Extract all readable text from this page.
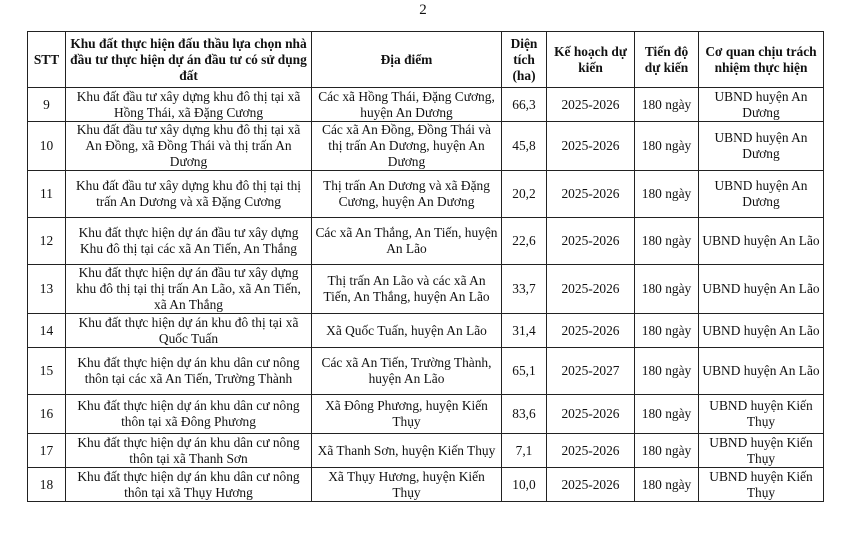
2
STT	Khu đất thực hiện đấu thầu lựa chọn nhà đầu tư thực hiện dự án đầu tư có sử dụng đất	Địa điểm	Diện tích (ha)	Kế hoạch dự kiến	Tiến độ dự kiến	Cơ quan chịu trách nhiệm thực hiện
9	Khu đất đầu tư xây dựng khu đô thị tại xã Hồng Thái, xã Đặng Cương	Các xã Hồng Thái, Đặng Cương, huyện An Dương	66,3	2025-2026	180 ngày	UBND huyện An Dương
10	Khu đất đầu tư xây dựng khu đô thị tại xã An Đồng, xã Đồng Thái và thị trấn An Dương	Các xã An Đồng, Đồng Thái và thị trấn An Dương, huyện An Dương	45,8	2025-2026	180 ngày	UBND huyện An Dương
11	Khu đất đầu tư xây dựng khu đô thị tại thị trấn An Dương và xã Đặng Cương	Thị trấn An Dương và xã Đặng Cương, huyện An Dương	20,2	2025-2026	180 ngày	UBND huyện An Dương
12	Khu đất thực hiện dự án đầu tư xây dựng Khu đô thị tại các xã An Tiến, An Thắng	Các xã An Thắng, An Tiến, huyện An Lão	22,6	2025-2026	180 ngày	UBND huyện An Lão
13	Khu đất thực hiện dự án đầu tư xây dựng khu đô thị tại thị trấn An Lão, xã An Tiến, xã An Thắng	Thị trấn An Lão và các xã An Tiến, An Thắng, huyện An Lão	33,7	2025-2026	180 ngày	UBND huyện An Lão
14	Khu đất thực hiện dự án khu đô thị tại xã Quốc Tuấn	Xã Quốc Tuấn, huyện An Lão	31,4	2025-2026	180 ngày	UBND huyện An Lão
15	Khu đất thực hiện dự án khu dân cư nông thôn tại các xã An Tiến, Trường Thành	Các xã An Tiến, Trường Thành, huyện An Lão	65,1	2025-2027	180 ngày	UBND huyện An Lão
16	Khu đất thực hiện dự án khu dân cư nông thôn tại xã Đông Phương	Xã Đông Phương, huyện Kiến Thụy	83,6	2025-2026	180 ngày	UBND huyện Kiến Thụy
17	Khu đất thực hiện dự án khu dân cư nông thôn tại xã Thanh Sơn	Xã Thanh Sơn, huyện Kiến Thụy	7,1	2025-2026	180 ngày	UBND huyện Kiến Thụy
18	Khu đất thực hiện dự án khu dân cư nông thôn tại xã Thụy Hương	Xã Thụy Hương, huyện Kiến Thụy	10,0	2025-2026	180 ngày	UBND huyện Kiến Thụy
